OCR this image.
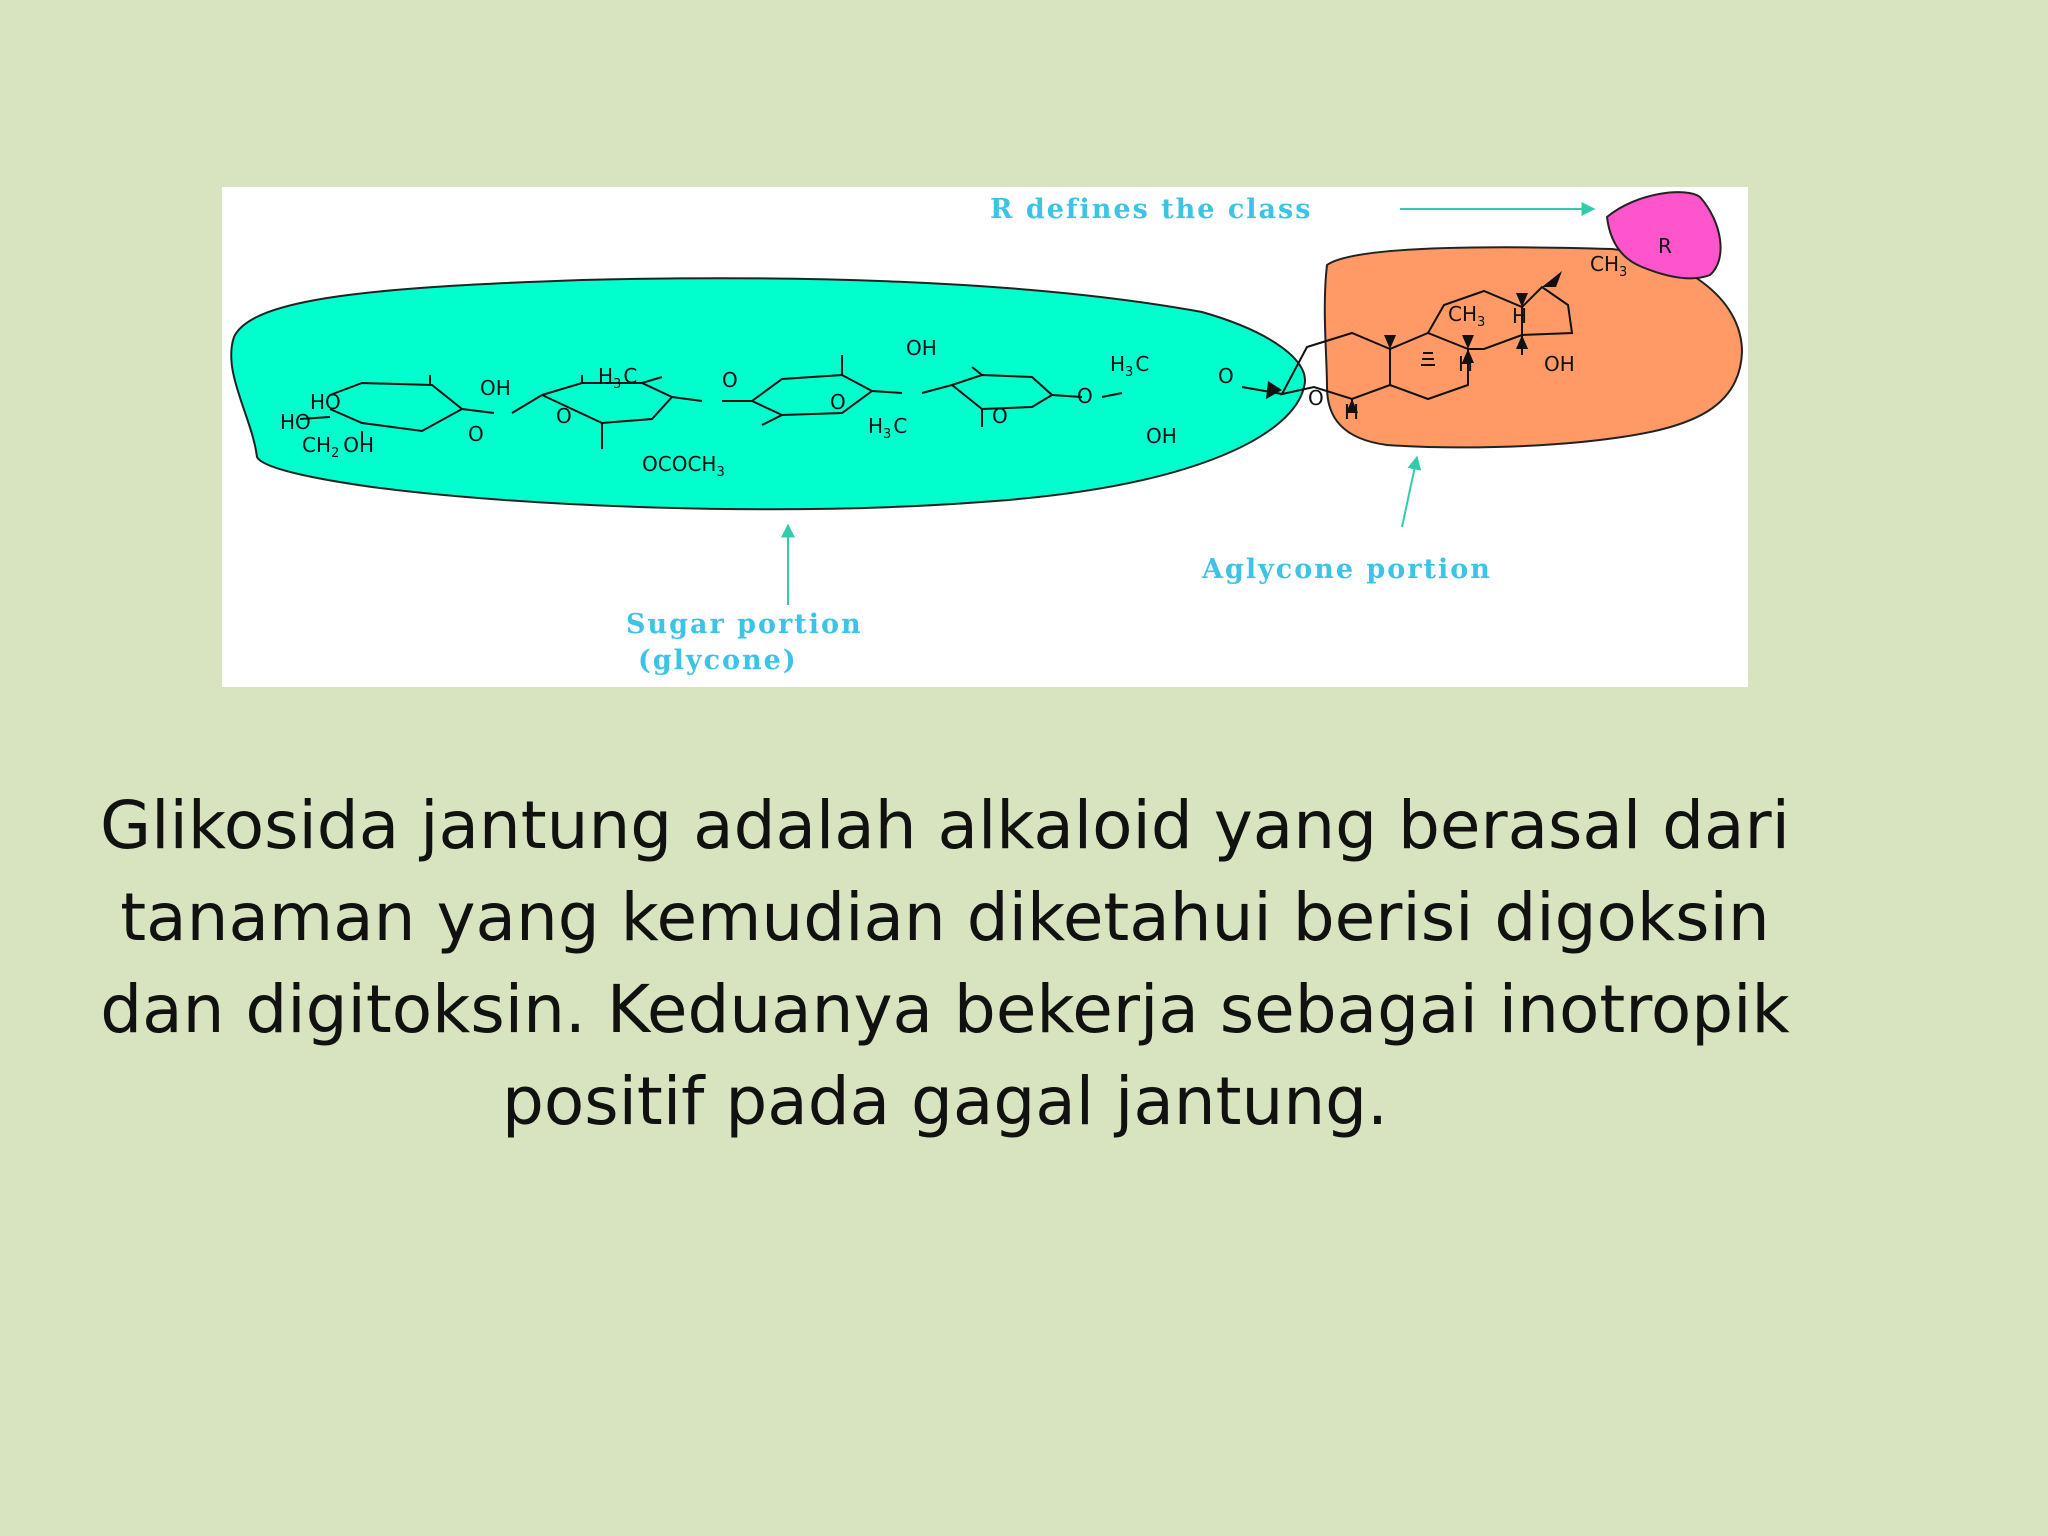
HO
HO
$CH_2$ OH
OH
O
O
$H_3$ C	O
$OCOCH_3$
O
OH
$H_3$ C	O
O
$H_3$ C	O
OH
O
R
$CH_3$
$CH_3$ H
H
H
OH
R defines the class
Aglycone portion
Sugar portion
(glycone)

Glikosida jantung adalah alkaloid yang berasal dari tanaman yang kemudian diketahui berisi digoksin dan digitoksin. Keduanya bekerja sebagai inotropik positif pada gagal jantung.
